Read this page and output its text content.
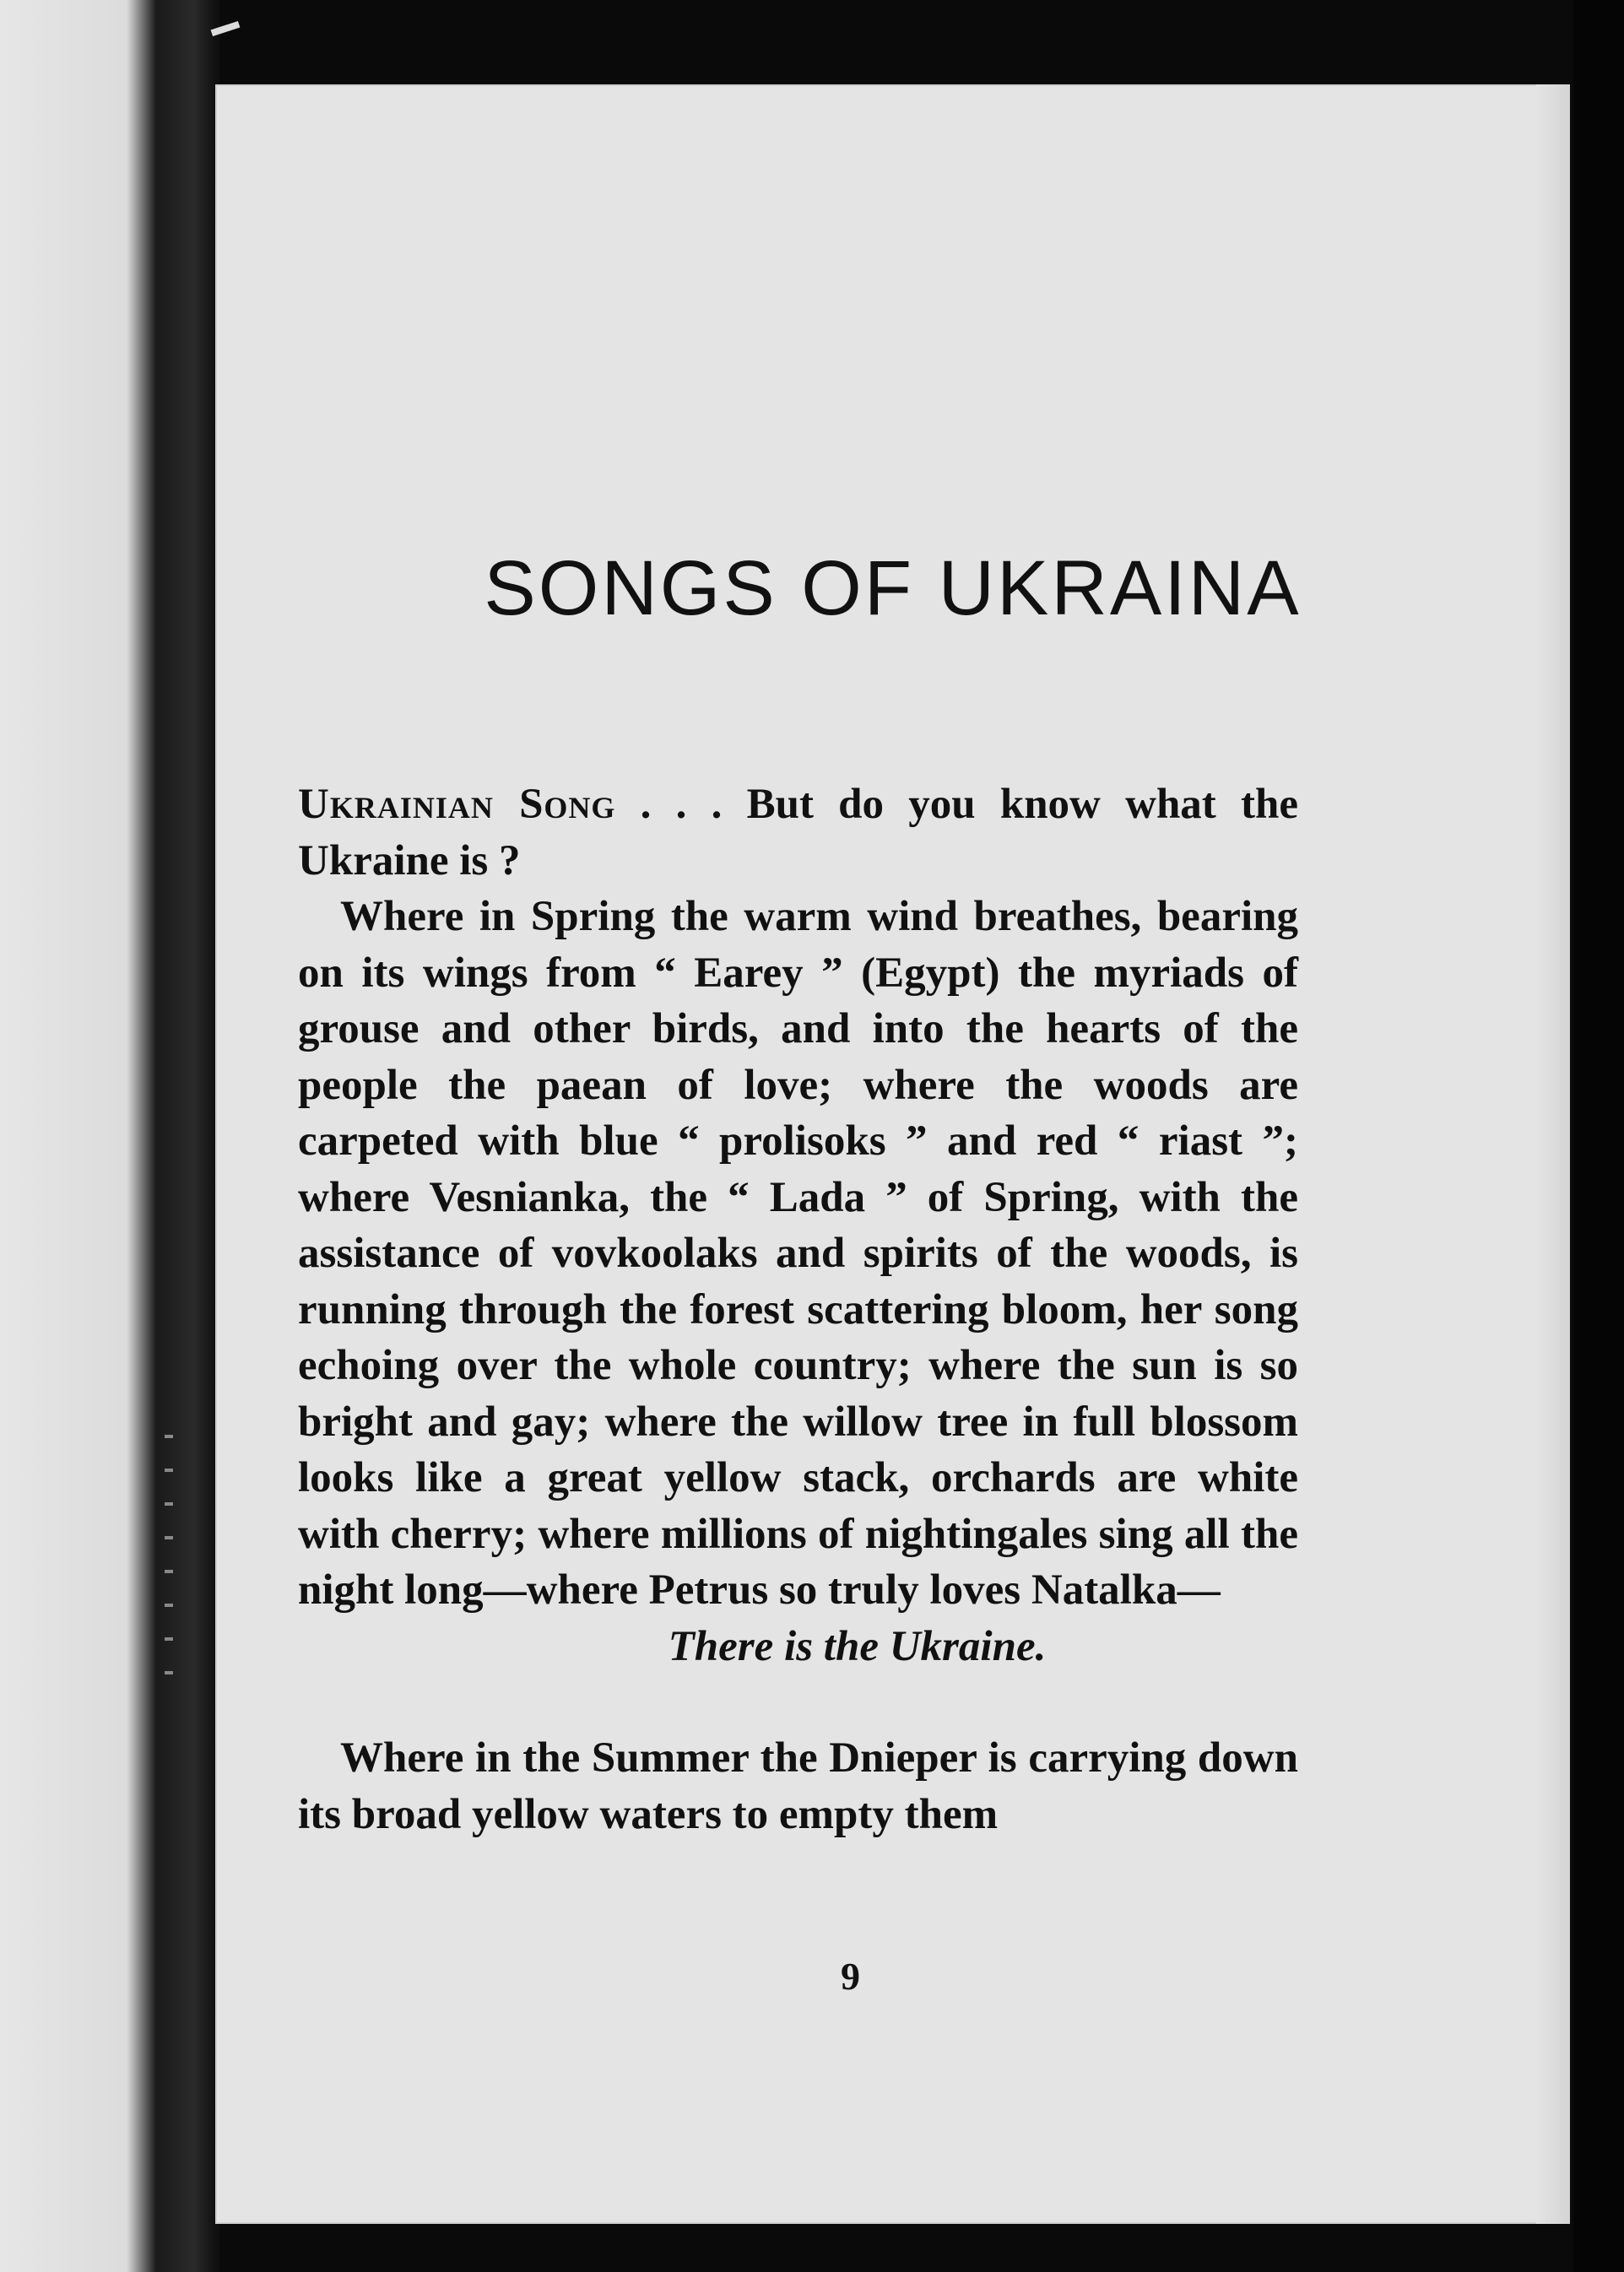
SONGS OF UKRAINA

Ukrainian Song . . . But do you know what the Ukraine is ?

Where in Spring the warm wind breathes, bearing on its wings from “ Earey ” (Egypt) the myriads of grouse and other birds, and into the hearts of the people the paean of love; where the woods are carpeted with blue “ prolisoks ” and red “ riast ”; where Vesnianka, the “ Lada ” of Spring, with the assistance of vovkoolaks and spirits of the woods, is running through the forest scattering bloom, her song echoing over the whole country; where the sun is so bright and gay; where the willow tree in full blossom looks like a great yellow stack, orchards are white with cherry; where millions of nightingales sing all the night long—where Petrus so truly loves Natalka—

There is the Ukraine.

Where in the Summer the Dnieper is carrying down its broad yellow waters to empty them

9
